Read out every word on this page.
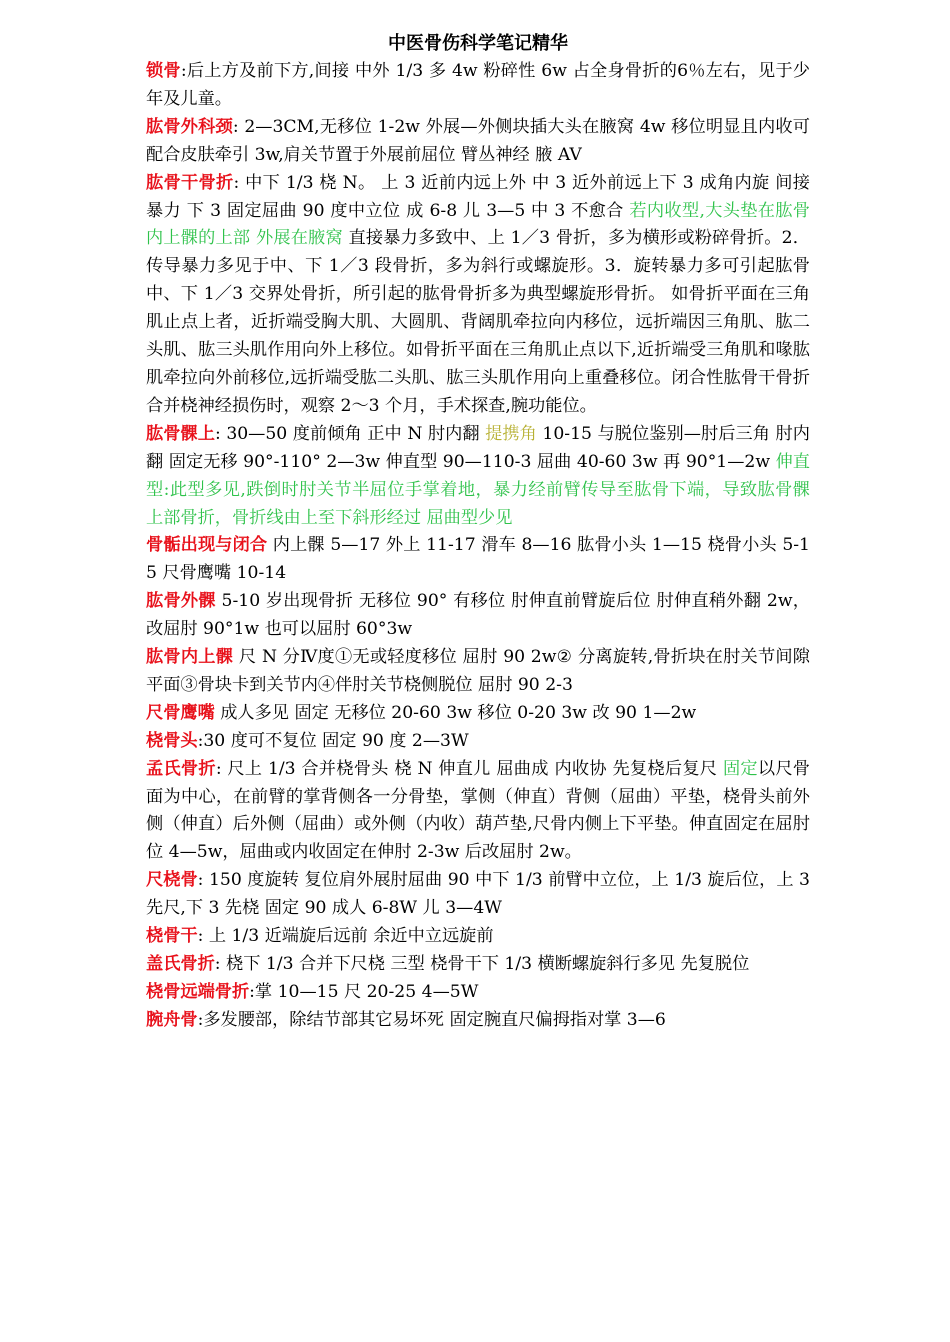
中医骨伤科学笔记精华

锁骨:后上方及前下方,间接 中外 1/3 多 4w 粉碎性 6w 占全身骨折的6％左右，见于少年及儿童。

肱骨外科颈: 2—3CM,无移位 1-2w 外展—外侧块插大头在腋窝 4w 移位明显且内收可配合皮肤牵引 3w,肩关节置于外展前屈位 臂丛神经 腋 AV

肱骨干骨折: 中下 1/3 桡 N。 上 3 近前内远上外 中 3 近外前远上下 3 成角内旋 间接暴力 下 3 固定屈曲 90 度中立位 成 6-8 儿 3—5 中 3 不愈合 若内收型,大头垫在肱骨内上髁的上部 外展在腋窝 直接暴力多致中、上 1／3 骨折，多为横形或粉碎骨折。2．传导暴力多见于中、下 1／3 段骨折，多为斜行或螺旋形。3．旋转暴力多可引起肱骨中、下 1／3 交界处骨折，所引起的肱骨骨折多为典型螺旋形骨折。 如骨折平面在三角肌止点上者，近折端受胸大肌、大圆肌、背阔肌牵拉向内移位，远折端因三角肌、肱二头肌、肱三头肌作用向外上移位。如骨折平面在三角肌止点以下,近折端受三角肌和喙肱肌牵拉向外前移位,远折端受肱二头肌、肱三头肌作用向上重叠移位。闭合性肱骨干骨折合并桡神经损伤时，观察 2～3 个月，手术探查,腕功能位。

肱骨髁上: 30—50 度前倾角 正中 N 肘内翻 提携角 10-15 与脱位鉴别—肘后三角 肘内翻 固定无移 90°-110° 2—3w 伸直型 90—110-3 屈曲 40-60 3w 再 90°1—2w 伸直型:此型多见,跌倒时肘关节半屈位手掌着地，暴力经前臂传导至肱骨下端，导致肱骨髁上部骨折，骨折线由上至下斜形经过 屈曲型少见

骨骺出现与闭合 内上髁 5—17 外上 11-17 滑车 8—16 肱骨小头 1—15 桡骨小头 5-15 尺骨鹰嘴 10-14

肱骨外髁 5-10 岁出现骨折 无移位 90° 有移位 肘伸直前臂旋后位 肘伸直稍外翻 2w，改屈肘 90°1w 也可以屈肘 60°3w

肱骨内上髁 尺 N 分Ⅳ度①无或轻度移位 屈肘 90 2w② 分离旋转,骨折块在肘关节间隙平面③骨块卡到关节内④伴肘关节桡侧脱位 屈肘 90 2-3

尺骨鹰嘴 成人多见 固定 无移位 20-60 3w 移位 0-20 3w 改 90 1—2w

桡骨头:30 度可不复位 固定 90 度 2—3W

孟氏骨折: 尺上 1/3 合并桡骨头 桡 N 伸直儿 屈曲成 内收协 先复桡后复尺 固定以尺骨面为中心，在前臂的掌背侧各一分骨垫，掌侧（伸直）背侧（屈曲）平垫，桡骨头前外侧（伸直）后外侧（屈曲）或外侧（内收）葫芦垫,尺骨内侧上下平垫。伸直固定在屈肘位 4—5w，屈曲或内收固定在伸肘 2-3w 后改屈肘 2w。

尺桡骨: 150 度旋转 复位肩外展肘屈曲 90 中下 1/3 前臂中立位，上 1/3 旋后位，上 3 先尺,下 3 先桡 固定 90 成人 6-8W 儿 3—4W

桡骨干: 上 1/3 近端旋后远前 余近中立远旋前

盖氏骨折: 桡下 1/3 合并下尺桡 三型 桡骨干下 1/3 横断螺旋斜行多见 先复脱位

桡骨远端骨折:掌 10—15 尺 20-25 4—5W

腕舟骨:多发腰部，除结节部其它易坏死 固定腕直尺偏拇指对掌 3—6
